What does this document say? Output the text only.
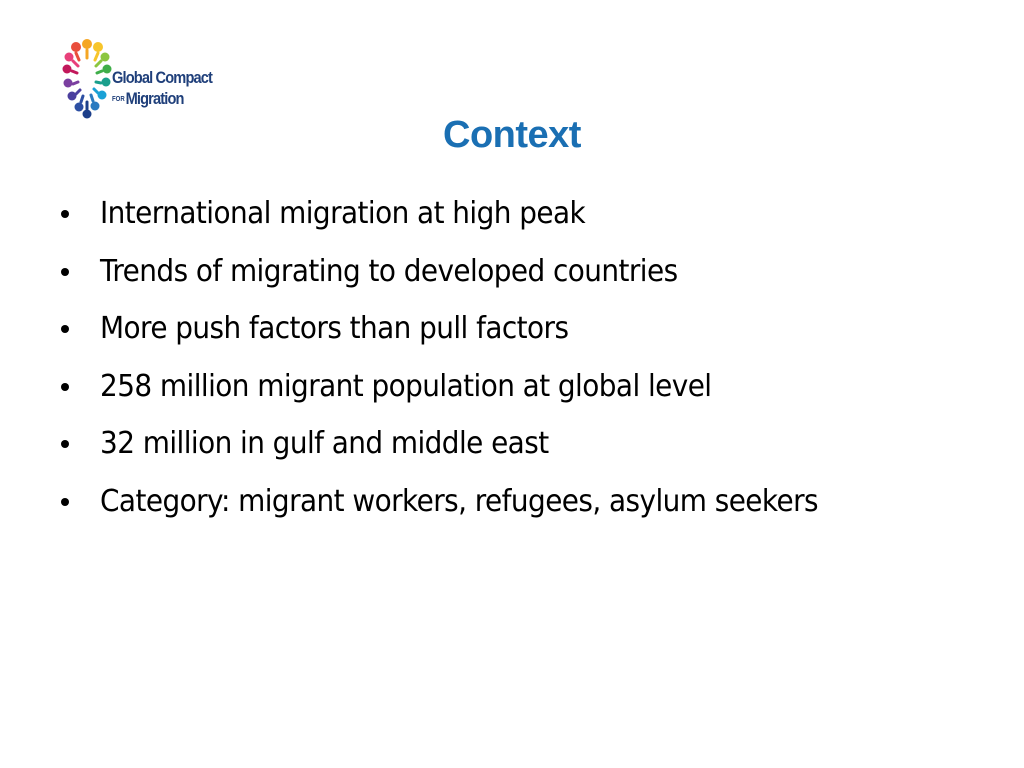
Global Compact
FORMigration
Context
International migration at high peak
Trends of migrating to developed countries
More push factors than pull factors
258 million migrant population at global level
32 million in gulf and middle east
Category: migrant workers, refugees, asylum seekers
